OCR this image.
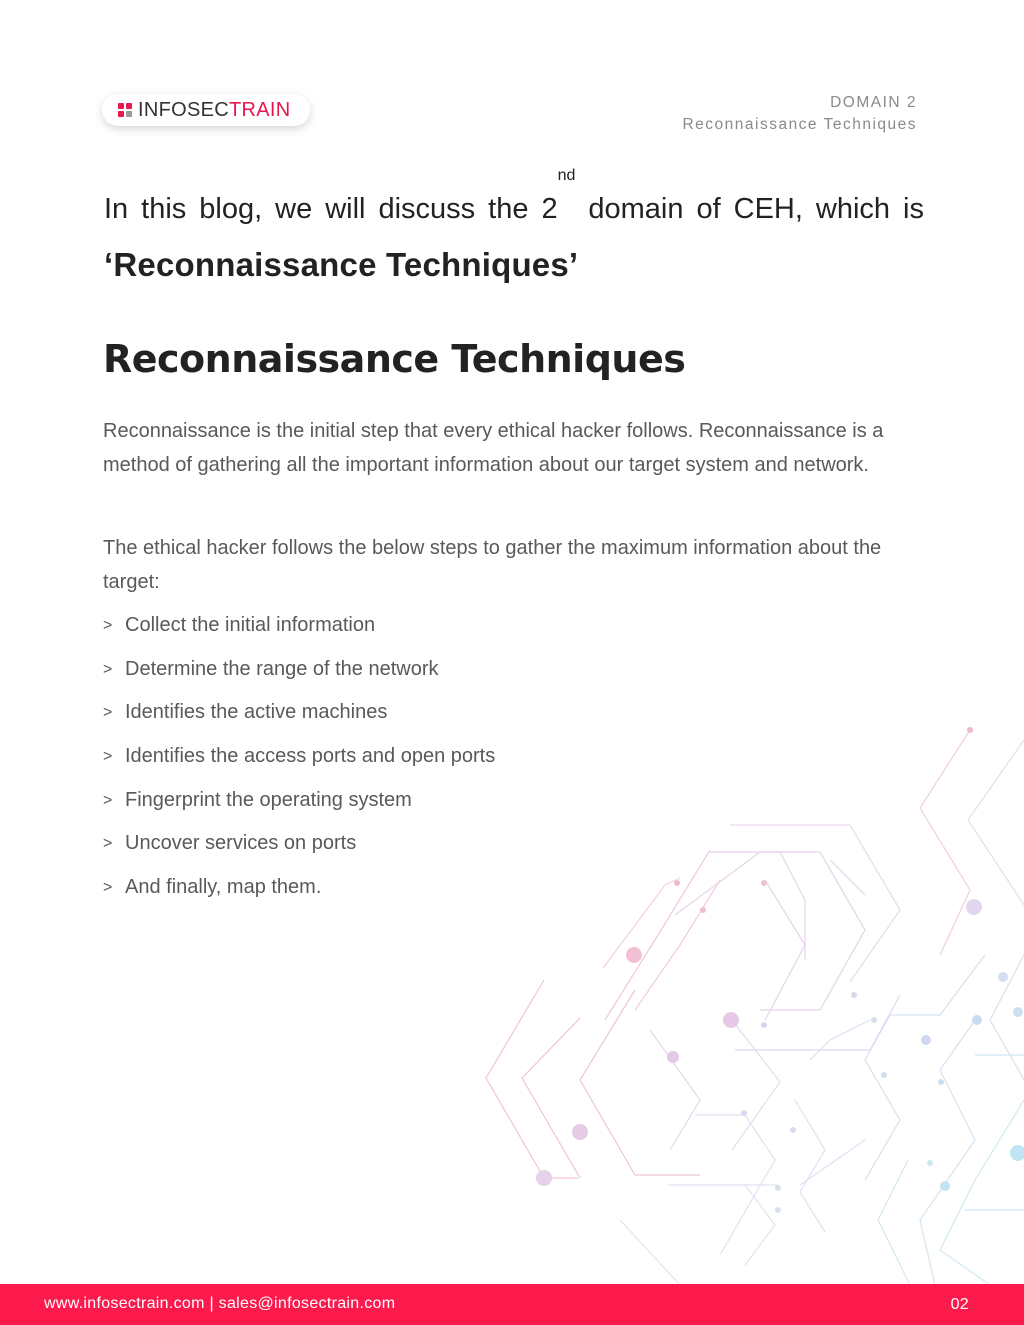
INFOSECTRAIN	DOMAIN 2
Reconnaissance Techniques

In this blog, we will discuss the 2nd domain of CEH, which is ‘Reconnaissance Techniques’

Reconnaissance Techniques

Reconnaissance is the initial step that every ethical hacker follows. Reconnaissance is a method of gathering all the important information about our target system and network.

The ethical hacker follows the below steps to gather the maximum information about the target:

> Collect the initial information
> Determine the range of the network
> Identifies the active machines
> Identifies the access ports and open ports
> Fingerprint the operating system
> Uncover services on ports
> And finally, map them.
www.infosectrain.com | sales@infosectrain.com	02
